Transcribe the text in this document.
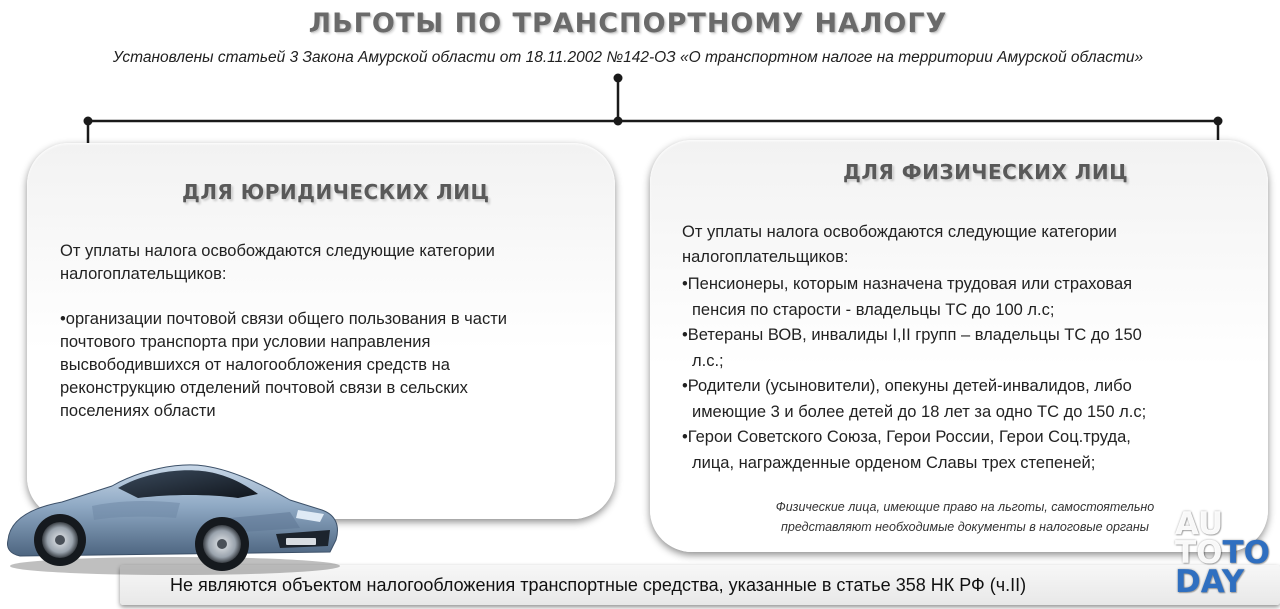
ЛЬГОТЫ ПО ТРАНСПОРТНОМУ НАЛОГУ
Установлены статьей 3 Закона Амурской области от 18.11.2002 №142-ОЗ «О транспортном налоге на территории Амурской области»
ДЛЯ ЮРИДИЧЕСКИХ ЛИЦ

От уплаты налога освобождаются следующие категории

налогоплательщиков:

•организации почтовой связи общего пользования в части

почтового транспорта при условии направления

высвободившихся от налогообложения средств на

реконструкцию отделений почтовой связи в сельских

поселениях области

ДЛЯ ФИЗИЧЕСКИХ ЛИЦ

От уплаты налога освобождаются следующие категории

налогоплательщиков:

•Пенсионеры, которым назначена трудовая или страховая

пенсия по старости - владельцы ТС до 100 л.с;

•Ветераны ВОВ, инвалиды I,II групп – владельцы ТС до 150

л.с.;

•Родители (усыновители), опекуны детей-инвалидов, либо

имеющие 3 и более детей до 18 лет за одно ТС до 150 л.с;

•Герои Советского Союза, Герои России, Герои Соц.труда,

лица, награжденные орденом Славы трех степеней;

Физические лица, имеющие право на льготы, самостоятельно
представляют необходимые документы в налоговые органы
Не являются объектом налогообложения транспортные средства, указанные в статье 358 НК РФ (ч.II)
AU
TOTO
DAY
